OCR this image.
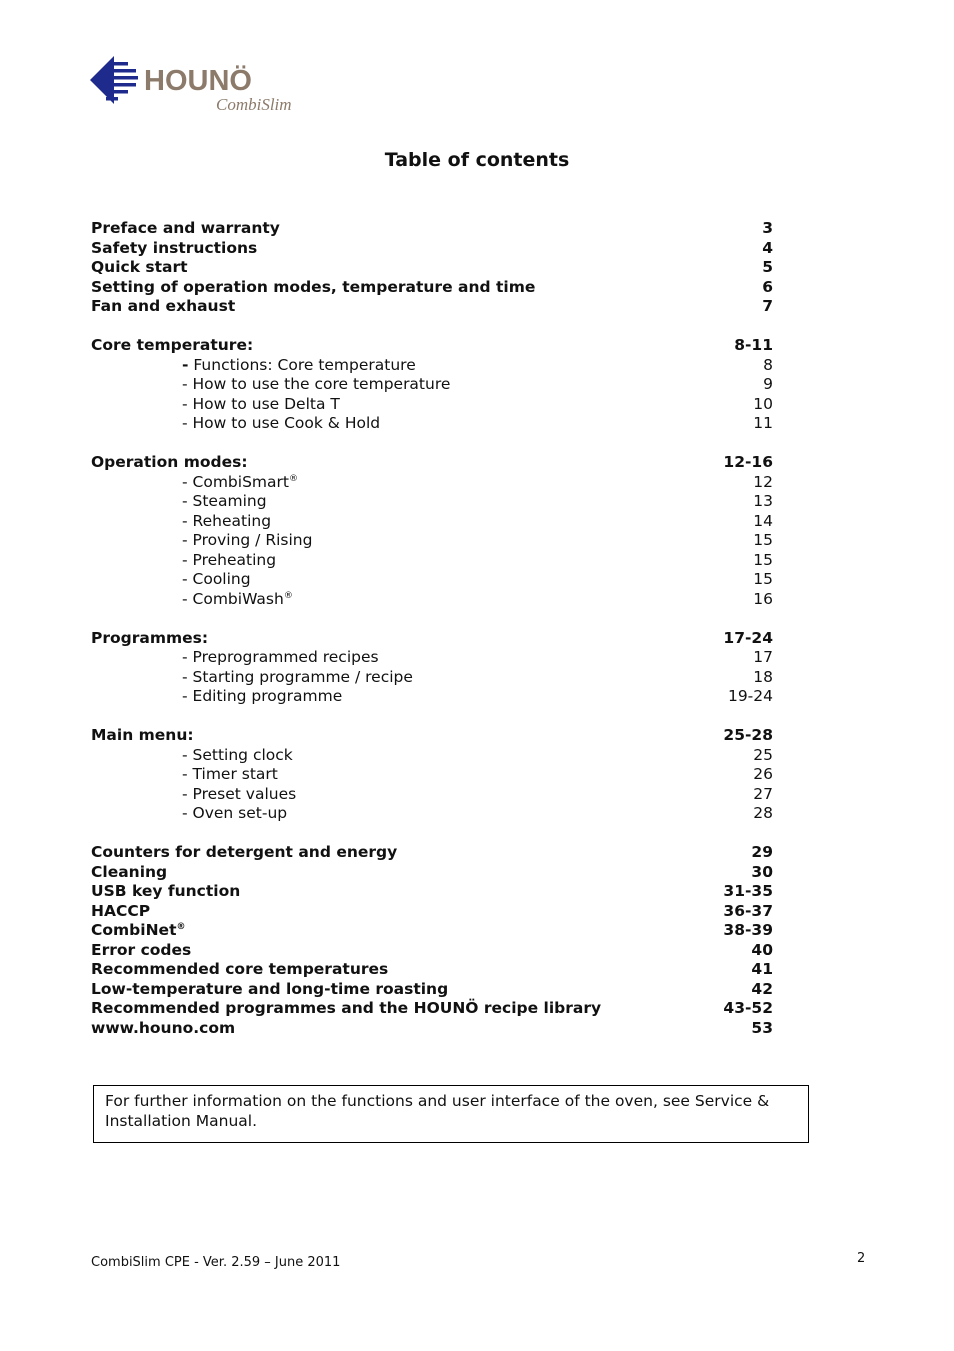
HOUNÖ
CombiSlim
Table of contents
Preface and warranty	3
Safety instructions	4
Quick start	5
Setting of operation modes, temperature and time	6
Fan and exhaust	7
Core temperature:	8-11
- Functions: Core temperature	8
- How to use the core temperature	9
- How to use Delta T	10
- How to use Cook & Hold	11
Operation modes:	12-16
- CombiSmart®	12
- Steaming	13
- Reheating	14
- Proving / Rising	15
- Preheating	15
- Cooling	15
- CombiWash®	16
Programmes:	17-24
- Preprogrammed recipes	17
- Starting programme / recipe	18
- Editing programme	19-24
Main menu:	25-28
- Setting clock	25
- Timer start	26
- Preset values	27
- Oven set-up	28
Counters for detergent and energy	29
Cleaning	30
USB key function	31-35
HACCP	36-37
CombiNet®	38-39
Error codes	40
Recommended core temperatures	41
Low-temperature and long-time roasting	42
Recommended programmes and the HOUNÖ recipe library	43-52
www.houno.com	53
For further information on the functions and user interface of the oven, see Service & Installation Manual.
CombiSlim CPE - Ver. 2.59 – June 2011	2
